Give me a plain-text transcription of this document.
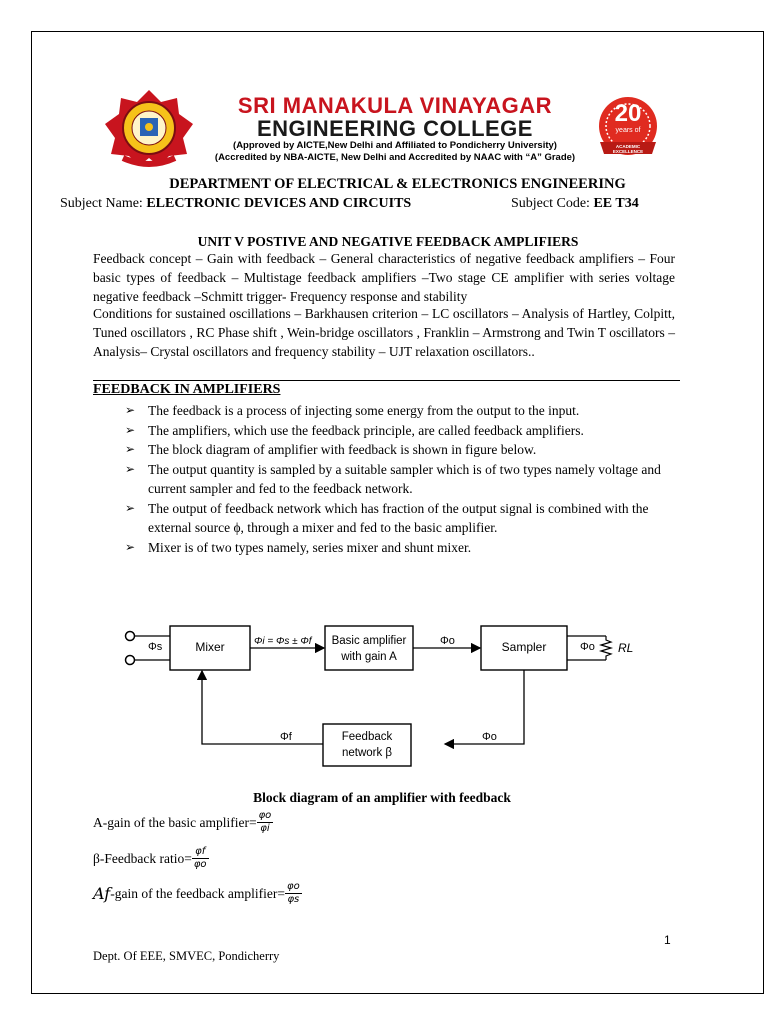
SRI MANAKULA VINAYAGAR
ENGINEERING COLLEGE
(Approved by AICTE,New Delhi and Affiliated to Pondicherry University)
(Accredited by NBA-AICTE, New Delhi and Accredited by NAAC with “A” Grade)
20
years of
ACADEMIC EXCELLENCE
DEPARTMENT OF ELECTRICAL & ELECTRONICS ENGINEERING
Subject Name: ELECTRONIC DEVICES AND CIRCUITS	Subject Code: EE T34
UNIT V POSTIVE AND NEGATIVE FEEDBACK AMPLIFIERS
Feedback concept – Gain with feedback – General characteristics of negative feedback amplifiers – Four basic types of feedback – Multistage feedback amplifiers –Two stage CE amplifier with series voltage negative feedback –Schmitt trigger- Frequency response and stability
Conditions for sustained oscillations – Barkhausen criterion – LC oscillators – Analysis of Hartley, Colpitt, Tuned oscillators , RC Phase shift , Wein-bridge oscillators , Franklin – Armstrong and Twin T oscillators – Analysis– Crystal oscillators and frequency stability – UJT relaxation oscillators..
FEEDBACK IN AMPLIFIERS
➢ The feedback is a process of injecting some energy from the output to the input.
➢ The amplifiers, which use the feedback principle, are called feedback amplifiers.
➢ The block diagram of amplifier with feedback is shown in figure below.
➢ The output quantity is sampled by a suitable sampler which is of two types namely voltage and current sampler and fed to the feedback network.
➢ The output of feedback network which has fraction of the output signal is combined with the external source ϕ, through a mixer and fed to the basic amplifier.
➢ Mixer is of two types namely, series mixer and shunt mixer.
Φs	Mixer	Φi = Φs ± Φf Basic amplifier
with gain A
Φo	Sampler	Φo RL
Φo
Feedback
network β
Φf
Block diagram of an amplifier with feedback
A-gain of the basic amplifier= $\frac{\varphi o}{\varphi i}$
β-Feedback ratio= $\frac{\varphi f}{\varphi o}$
Af -gain of the feedback amplifier= $\frac{\varphi o}{\varphi s}$
1
Dept. Of EEE, SMVEC, Pondicherry
